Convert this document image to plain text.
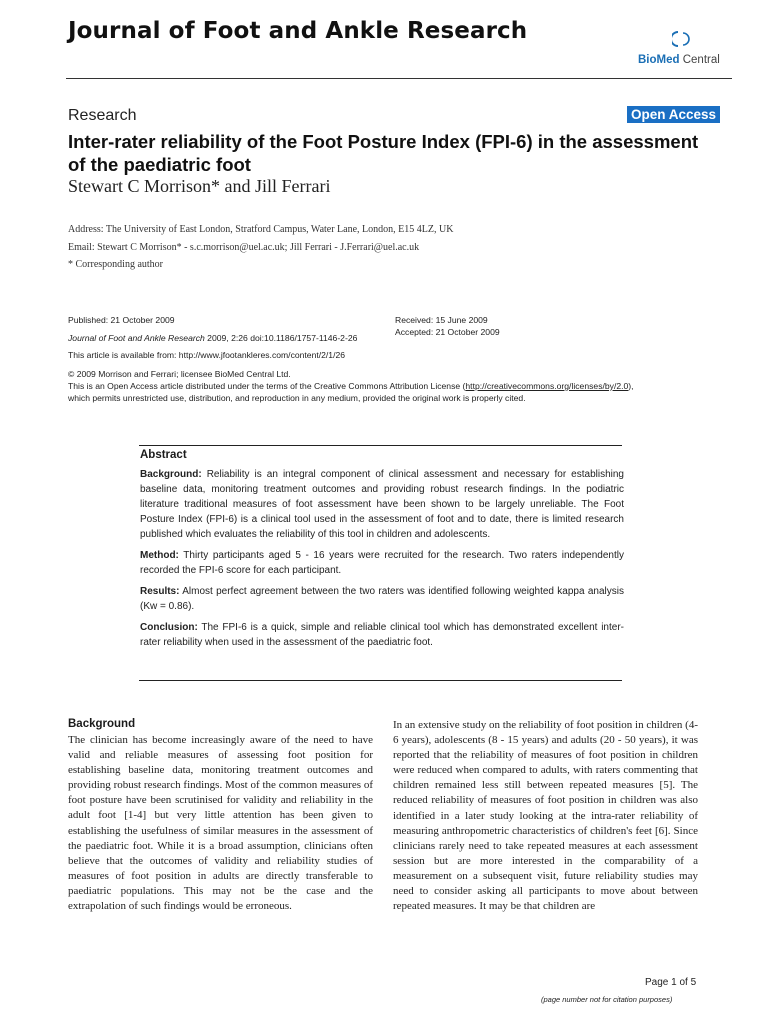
Journal of Foot and Ankle Research
BioMed Central
Research	Open Access
Inter-rater reliability of the Foot Posture Index (FPI-6) in the assessment of the paediatric foot
Stewart C Morrison* and Jill Ferrari
Address: The University of East London, Stratford Campus, Water Lane, London, E15 4LZ, UK
Email: Stewart C Morrison* - s.c.morrison@uel.ac.uk; Jill Ferrari - J.Ferrari@uel.ac.uk
* Corresponding author
Published: 21 October 2009
Journal of Foot and Ankle Research 2009, 2:26 doi:10.1186/1757-1146-2-26
This article is available from: http://www.jfootankleres.com/content/2/1/26
Received: 15 June 2009
Accepted: 21 October 2009
© 2009 Morrison and Ferrari; licensee BioMed Central Ltd.
This is an Open Access article distributed under the terms of the Creative Commons Attribution License (http://creativecommons.org/licenses/by/2.0),
which permits unrestricted use, distribution, and reproduction in any medium, provided the original work is properly cited.
Abstract

Background: Reliability is an integral component of clinical assessment and necessary for establishing baseline data, monitoring treatment outcomes and providing robust research findings. In the podiatric literature traditional measures of foot assessment have been shown to be largely unreliable. The Foot Posture Index (FPI-6) is a clinical tool used in the assessment of foot and to date, there is limited research published which evaluates the reliability of this tool in children and adolescents.

Method: Thirty participants aged 5 - 16 years were recruited for the research. Two raters independently recorded the FPI-6 score for each participant.

Results: Almost perfect agreement between the two raters was identified following weighted kappa analysis (Kw = 0.86).

Conclusion: The FPI-6 is a quick, simple and reliable clinical tool which has demonstrated excellent inter-rater reliability when used in the assessment of the paediatric foot.

Background
The clinician has become increasingly aware of the need to have valid and reliable measures of assessing foot position for establishing baseline data, monitoring treatment outcomes and providing robust research findings. Most of the common measures of foot posture have been scrutinised for validity and reliability in the adult foot [1-4] but very little attention has been given to establishing the usefulness of similar measures in the assessment of the paediatric foot. While it is a broad assumption, clinicians often believe that the outcomes of validity and reliability studies of measures of foot position in adults are directly transferable to paediatric populations. This may not be the case and the extrapolation of such findings would be erroneous.
In an extensive study on the reliability of foot position in children (4-6 years), adolescents (8 - 15 years) and adults (20 - 50 years), it was reported that the reliability of measures of foot position in children were reduced when compared to adults, with raters commenting that children remained less still between repeated measures [5]. The reduced reliability of measures of foot position in children was also identified in a later study looking at the intra-rater reliability of measuring anthropometric characteristics of children's feet [6]. Since clinicians rarely need to take repeated measures at each assessment session but are more interested in the comparability of a measurement on a subsequent visit, future reliability studies may need to consider asking all participants to move about between repeated measures. It may be that children are
Page 1 of 5
(page number not for citation purposes)
